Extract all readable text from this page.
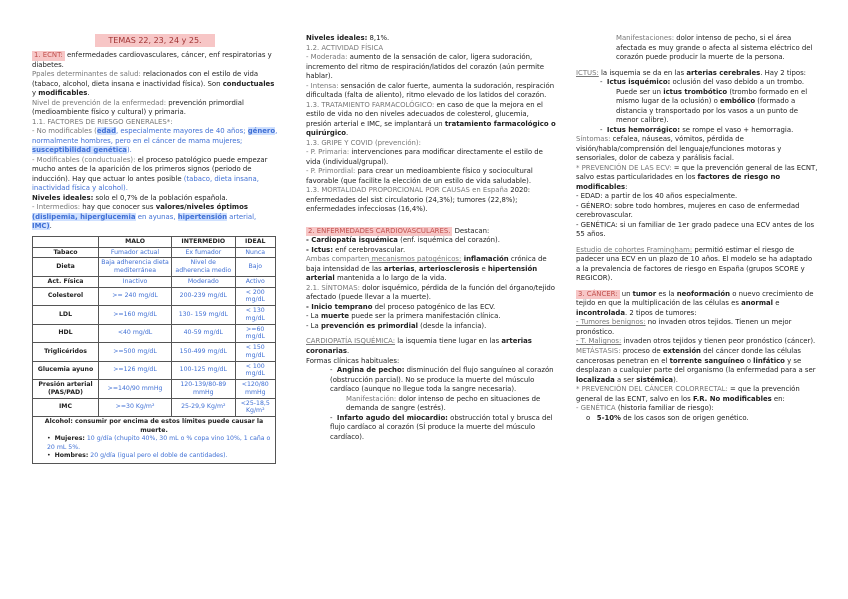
TEMAS 22, 23, 24 y 25.

1. ECNT: enfermedades cardiovasculares, cáncer, enf respiratorias y diabetes.

Ppales determinantes de salud: relacionados con el estilo de vida (tabaco, alcohol, dieta insana e inactividad física). Son conductuales y modificables.

Nivel de prevención de la enfermedad: prevención primordial (medioambiente físico y cultural) y primaria.

1.1. FACTORES DE RIESGO GENERALES*:

- No modificables (edad, especialmente mayores de 40 años; género, normalmente hombres, pero en el cáncer de mama mujeres; susceptibilidad genética).

- Modificables (conductuales): el proceso patológico puede empezar mucho antes de la aparición de los primeros signos (periodo de inducción). Hay que actuar lo antes posible (tabaco, dieta insana, inactividad física y alcohol).

Niveles ideales: solo el 0,7% de la población española.

- Intermedios: hay que conocer sus valores/niveles óptimos

(dislipemia, hiperglucemia en ayunas, hipertensión arterial,

IMC).

	MALO	INTERMEDIO	IDEAL
Tabaco	Fumador actual	Ex fumador	Nunca
Dieta	Baja adherencia dieta mediterránea	Nivel de adherencia medio	Bajo
Act. Física	Inactivo	Moderado	Activo
Colesterol	>= 240 mg/dL	200-239 mg/dL	< 200 mg/dL
LDL	>=160 mg/dL	130- 159 mg/dL	< 130 mg/dL
HDL	<40 mg/dL	40-59 mg/dL	>=60 mg/dL
Triglicéridos	>=500 mg/dL	150-499 mg/dL	< 150 mg/dL
Glucemia ayuno	>=126 mg/dL	100-125 mg/dL	< 100 mg/dL
Presión arterial (PAS/PAD)	>=140/90 mmHg	120-139/80-89 mmHg	<120/80 mmHg
IMC	>=30 Kg/m²	25-29,9 Kg/m²	<25-18,5 Kg/m²
Alcohol: consumir por encima de estos límites puede causar la muerte.
•  Mujeres: 10 g/día (chupito 40%, 30 mL o % copa vino 10%, 1 caña o 20 mL 5%.
•  Hombres: 20 g/día (igual pero el doble de cantidades).

Niveles ideales: 8,1%.

1.2. ACTIVIDAD FÍSICA

- Moderada: aumento de la sensación de calor, ligera sudoración, incremento del ritmo de respiración/latidos del corazón (aún permite hablar).

- Intensa: sensación de calor fuerte, aumenta la sudoración, respiración dificultada (falta de aliento), ritmo elevado de los latidos del corazón.

1.3. TRATAMIENTO FARMACOLÓGICO: en caso de que la mejora en el estilo de vida no den niveles adecuados de colesterol, glucemia, presión arterial e IMC, se implantará un tratamiento farmacológico o quirúrgico.

1.3. GRIPE Y COVID (prevención):

- P. Primaria: intervenciones para modificar directamente el estilo de vida (individual/grupal).

- P. Primordial: para crear un medioambiente físico y sociocultural favorable (que facilite la elección de un estilo de vida saludable).

1.3. MORTALIDAD PROPORCIONAL POR CAUSAS en España 2020: enfermedades del sist circulatorio (24,3%); tumores (22,8%); enfermedades infecciosas (16,4%).

2. ENFERMEDADES CARDIOVASCULARES. Destacan:

- Cardiopatía isquémica (enf. isquémica del corazón).

- Ictus: enf cerebrovascular.

Ambas comparten mecanismos patogénicos: inflamación crónica de baja intensidad de las arterias, arteriosclerosis e hipertensión arterial mantenida a lo largo de la vida.

2.1. SÍNTOMAS: dolor isquémico, pérdida de la función del órgano/tejido afectado (puede llevar a la muerte).

- Inicio temprano del proceso patogénico de las ECV.

- La muerte puede ser la primera manifestación clínica.

- La prevención es primordial (desde la infancia).

CARDIOPATÍA ISQUÉMICA: la isquemia tiene lugar en las arterias coronarias.

Formas clínicas habituales:

-  Angina de pecho: disminución del flujo sanguíneo al corazón (obstrucción parcial). No se produce la muerte del músculo cardíaco (aunque no llegue toda la sangre necesaria).

Manifestación: dolor intenso de pecho en situaciones de demanda de sangre (estrés).

-  Infarto agudo del miocardio: obstrucción total y brusca del flujo cardíaco al corazón (SÍ produce la muerte del músculo cardíaco).

Manifestaciones: dolor intenso de pecho, si el área afectada es muy grande o afecta al sistema eléctrico del corazón puede producir la muerte de la persona.

ICTUS: la isquemia se da en las arterias cerebrales. Hay 2 tipos:

-  Ictus isquémico: oclusión del vaso debido a un trombo.

Puede ser un ictus trombótico (trombo formado en el mismo lugar de la oclusión) o embólico (formado a distancia y transportado por los vasos a un punto de menor calibre).

-  Ictus hemorrágico: se rompe el vaso + hemorragia.

Síntomas: cefalea, náuseas, vómitos, pérdida de visión/habla/comprensión del lenguaje/funciones motoras y sensoriales, dolor de cabeza y parálisis facial.

* PREVENCIÓN DE LAS ECV: = que la prevención general de las ECNT, salvo estas particularidades en los factores de riesgo no modificables:

- EDAD: a partir de los 40 años especialmente.

- GÉNERO: sobre todo hombres, mujeres en caso de enfermedad cerebrovascular.

- GENÉTICA: si un familiar de 1er grado padece una ECV antes de los 55 años.

Estudio de cohortes Framingham: permitió estimar el riesgo de padecer una ECV en un plazo de 10 años. El modelo se ha adaptado a la prevalencia de factores de riesgo en España (grupos SCORE y REGICOR).

3. CÁNCER: un tumor es la neoformación o nuevo crecimiento de tejido en que la multiplicación de las células es anormal e incontrolada. 2 tipos de tumores:

- Tumores benignos: no invaden otros tejidos. Tienen un mejor pronóstico.

- T. Malignos: invaden otros tejidos y tienen peor pronóstico (cáncer).

METÁSTASIS: proceso de extensión del cáncer donde las células cancerosas penetran en el torrente sanguíneo o linfático y se desplazan a cualquier parte del organismo (la enfermedad para a ser localizada a ser sistémica).

* PREVENCIÓN DEL CÁNCER COLORRECTAL: = que la prevención general de las ECNT, salvo en los F.R. No modificables en:

- GENÉTICA (historia familiar de riesgo):

o   5-10% de los casos son de origen genético.
